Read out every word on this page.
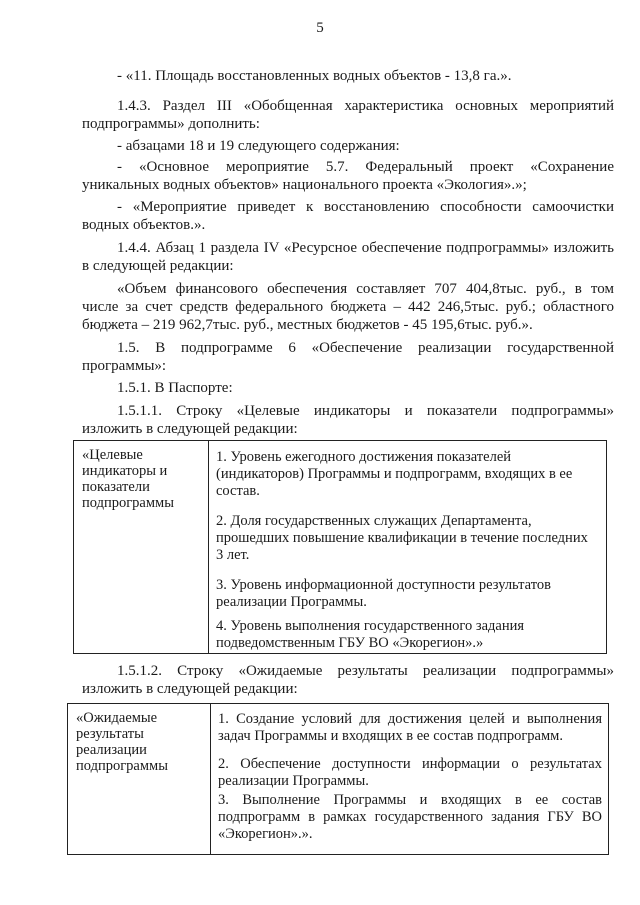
5
- «11. Площадь восстановленных водных объектов - 13,8 га.».
1.4.3. Раздел III «Обобщенная характеристика основных мероприятий
подпрограммы» дополнить:
- абзацами 18 и 19 следующего содержания:
- «Основное мероприятие 5.7. Федеральный проект «Сохранение
уникальных водных объектов» национального проекта «Экология».»;
- «Мероприятие приведет к восстановлению способности самоочистки
водных объектов.».
1.4.4. Абзац 1 раздела IV «Ресурсное обеспечение подпрограммы» изложить
в следующей редакции:
«Объем финансового обеспечения составляет 707 404,8тыс. руб., в том
числе за счет средств федерального бюджета – 442 246,5тыс. руб.; областного
бюджета – 219 962,7тыс. руб., местных бюджетов - 45 195,6тыс. руб.».
1.5. В подпрограмме 6 «Обеспечение реализации государственной
программы»:
1.5.1. В Паспорте:
1.5.1.1. Строку «Целевые индикаторы и показатели подпрограммы»
изложить в следующей редакции:
«Целевые
индикаторы и
показатели
подпрограммы
1. Уровень ежегодного достижения показателей
(индикаторов) Программы и подпрограмм, входящих в ее
состав.
2. Доля государственных служащих Департамента,
прошедших повышение квалификации в течение последних
3 лет.
3. Уровень информационной доступности результатов
реализации Программы.
4. Уровень выполнения государственного задания
подведомственным ГБУ ВО «Экорегион».»
1.5.1.2. Строку «Ожидаемые результаты реализации подпрограммы»
изложить в следующей редакции:
«Ожидаемые
результаты
реализации
подпрограммы
1. Создание условий для достижения целей и выполнения
задач Программы и входящих в ее состав подпрограмм.
2. Обеспечение доступности информации о результатах
реализации Программы.
3. Выполнение Программы и входящих в ее состав
подпрограмм в рамках государственного задания ГБУ ВО
«Экорегион».».
